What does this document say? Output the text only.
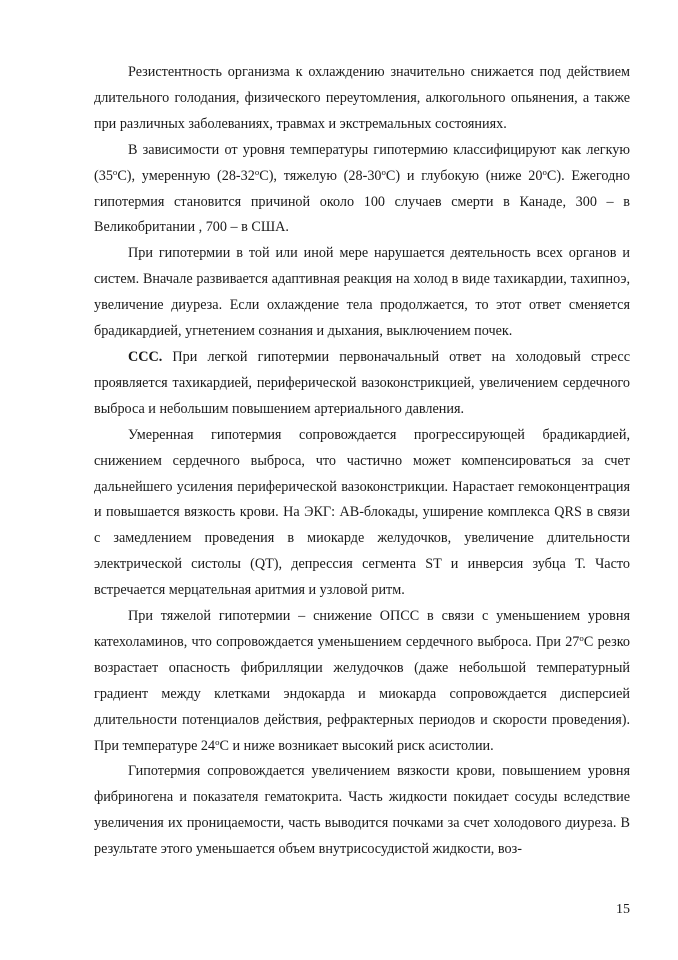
Резистентность организма к охлаждению значительно снижается под действием длительного голодания, физического переутомления, алкогольного опьянения, а также при различных заболеваниях, травмах и экстремальных состояниях.

В зависимости от уровня температуры гипотермию классифицируют как легкую (35$^o$С), умеренную (28-32$^o$С), тяжелую (28-30$^o$С) и глубокую (ниже 20$^o$С). Ежегодно гипотермия становится причиной около 100 случаев смерти в Канаде, 300 – в Великобритании , 700 – в США.

При гипотермии в той или иной мере нарушается деятельность всех органов и систем. Вначале развивается адаптивная реакция на холод в виде тахикардии, тахипноэ, увеличение диуреза. Если охлаждение тела продолжается, то этот ответ сменяется брадикардией, угнетением сознания и дыхания, выключением почек.

ССС. При легкой гипотермии первоначальный ответ на холодовый стресс проявляется тахикардией, периферической вазоконстрикцией, увеличением сердечного выброса и небольшим повышением артериального давления.

Умеренная гипотермия сопровождается прогрессирующей брадикардией, снижением сердечного выброса, что частично может компенсироваться за счет дальнейшего усиления периферической вазоконстрикции. Нарастает гемоконцентрация и повышается вязкость крови. На ЭКГ: АВ-блокады, уширение комплекса QRS в связи с замедлением проведения в миокарде желудочков, увеличение длительности электрической систолы (QT), депрессия сегмента ST и инверсия зубца Т. Часто встречается мерцательная аритмия и узловой ритм.

При тяжелой гипотермии – снижение ОПСС в связи с уменьшением уровня катехоламинов, что сопровождается уменьшением сердечного выброса. При 27$^o$С резко возрастает опасность фибрилляции желудочков (даже небольшой температурный градиент между клетками эндокарда и миокарда сопровождается дисперсией длительности потенциалов действия, рефрактерных периодов и скорости проведения). При температуре 24$^o$С и ниже возникает высокий риск асистолии.

Гипотермия сопровождается увеличением вязкости крови, повышением уровня фибриногена и показателя гематокрита. Часть жидкости покидает сосуды вследствие увеличения их проницаемости, часть выводится почками за счет холодового диуреза. В результате этого уменьшается объем внутрисосудистой жидкости, воз-

15
